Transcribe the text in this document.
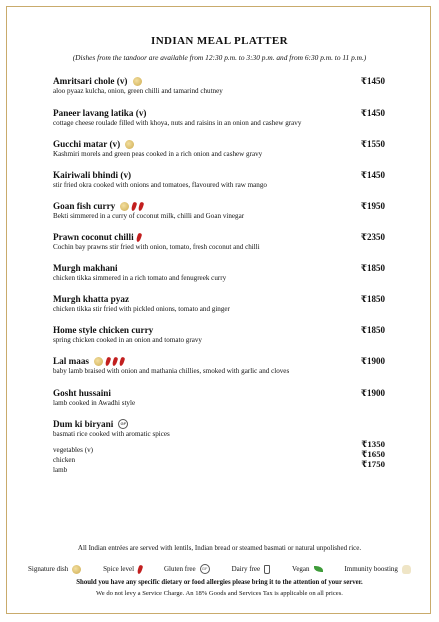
INDIAN MEAL PLATTER
(Dishes from the tandoor are available from 12:30 p.m. to 3:30 p.m. and from 6:30 p.m. to 11 p.m.)
Amritsari chole (v)
aloo pyaaz kulcha, onion, green chilli and tamarind chutney
₹1450
Paneer lavang latika (v)
cottage cheese roulade filled with khoya, nuts and raisins in an onion and cashew gravy
₹1450
Gucchi matar (v)
Kashmiri morels and green peas cooked in a rich onion and cashew gravy
₹1550
Kairiwali bhindi (v)
stir fried okra cooked with onions and tomatoes, flavoured with raw mango
₹1450
Goan fish curry
Bekti simmered in a curry of coconut milk, chilli and Goan vinegar
₹1950
Prawn coconut chilli
Cochin bay prawns stir fried with onion, tomato, fresh coconut and chilli
₹2350
Murgh makhani
chicken tikka simmered in a rich tomato and fenugreek curry
₹1850
Murgh khatta pyaz
chicken tikka stir fried with pickled onions, tomato and ginger
₹1850
Home style chicken curry
spring chicken cooked in an onion and tomato gravy
₹1850
Lal maas
baby lamb braised with onion and mathania chillies, smoked with garlic and cloves
₹1900
Gosht hussaini
lamb cooked in Awadhi style
₹1900
Dum ki biryani	GF
basmati rice cooked with aromatic spices
vegetables (v)
₹1350
chicken
₹1650
lamb
₹1750
All Indian entrées are served with lentils, Indian bread or steamed basmati or natural unpolished rice.
Signature dish	Spice level	Gluten free	GF	Dairy free	Vegan	Immunity boosting
Should you have any specific dietary or food allergies please bring it to the attention of your server.
We do not levy a Service Charge. An 18% Goods and Services Tax is applicable on all prices.
